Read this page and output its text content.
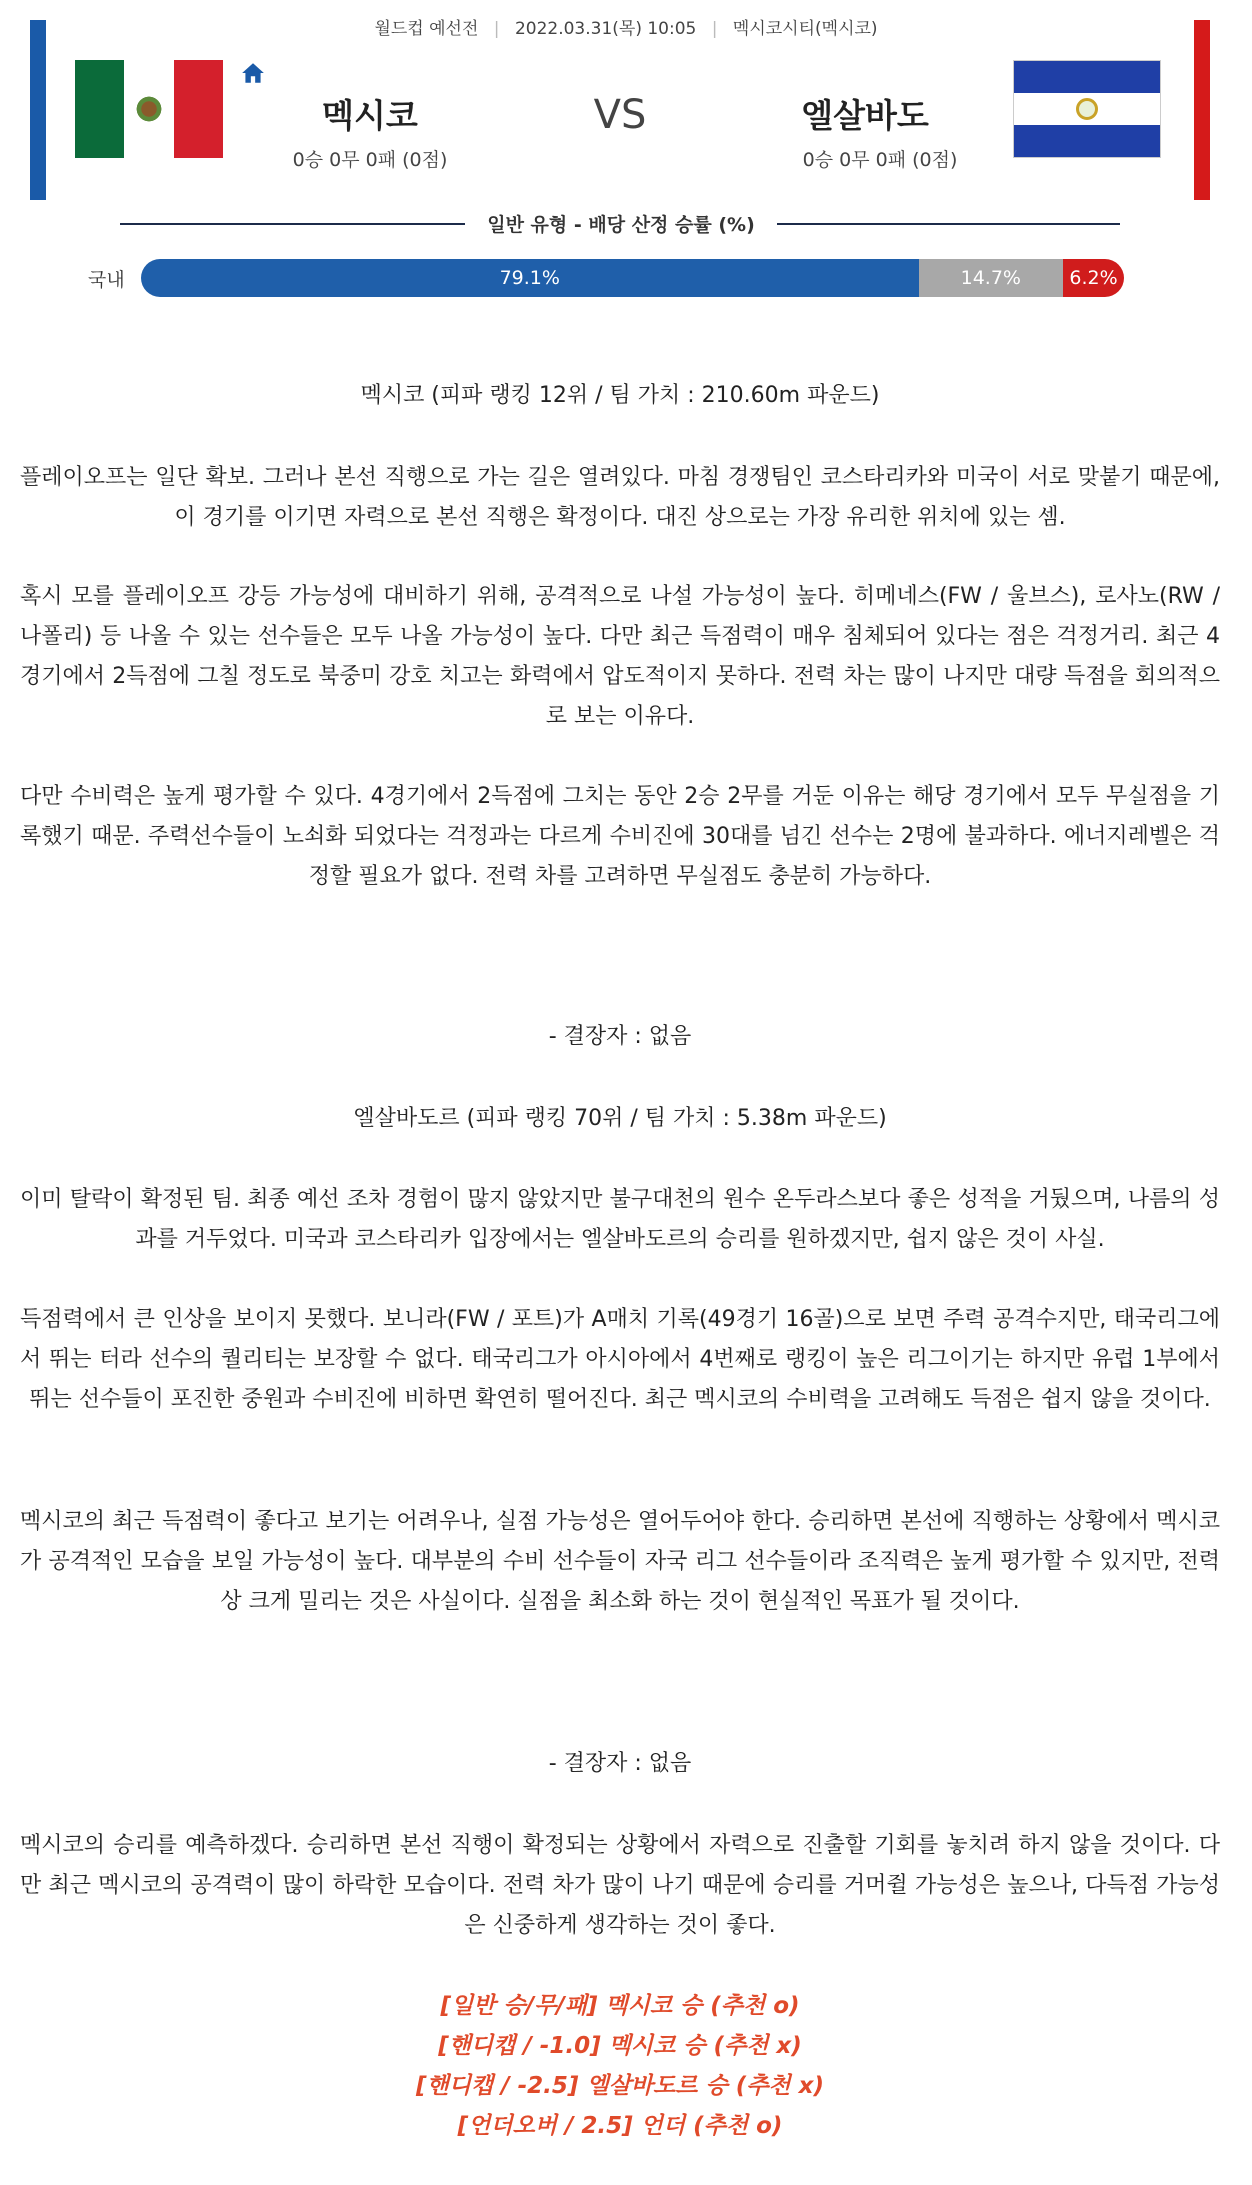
월드컵 예선전 | 2022.03.31(목) 10:05 | 멕시코시티(멕시코)
멕시코	VS	엘살바도
0승 0무 0패 (0점)	0승 0무 0패 (0점)
일반 유형 - 배당 산정 승률 (%)
국내	79.1%	14.7%	6.2%

멕시코 (피파 랭킹 12위 / 팀 가치 : 210.60m 파운드)

플레이오프는 일단 확보. 그러나 본선 직행으로 가는 길은 열려있다. 마침 경쟁팀인 코스타리카와 미국이 서로 맞붙기 때문에, 이 경기를 이기면 자력으로 본선 직행은 확정이다. 대진 상으로는 가장 유리한 위치에 있는 셈.

혹시 모를 플레이오프 강등 가능성에 대비하기 위해, 공격적으로 나설 가능성이 높다. 히메네스(FW / 울브스), 로사노(RW / 나폴리) 등 나올 수 있는 선수들은 모두 나올 가능성이 높다. 다만 최근 득점력이 매우 침체되어 있다는 점은 걱정거리. 최근 4경기에서 2득점에 그칠 정도로 북중미 강호 치고는 화력에서 압도적이지 못하다. 전력 차는 많이 나지만 대량 득점을 회의적으로 보는 이유다.

다만 수비력은 높게 평가할 수 있다. 4경기에서 2득점에 그치는 동안 2승 2무를 거둔 이유는 해당 경기에서 모두 무실점을 기록했기 때문. 주력선수들이 노쇠화 되었다는 걱정과는 다르게 수비진에 30대를 넘긴 선수는 2명에 불과하다. 에너지레벨은 걱정할 필요가 없다. 전력 차를 고려하면 무실점도 충분히 가능하다.

- 결장자 : 없음

엘살바도르 (피파 랭킹 70위 / 팀 가치 : 5.38m 파운드)

이미 탈락이 확정된 팀. 최종 예선 조차 경험이 많지 않았지만 불구대천의 원수 온두라스보다 좋은 성적을 거뒀으며, 나름의 성과를 거두었다. 미국과 코스타리카 입장에서는 엘살바도르의 승리를 원하겠지만, 쉽지 않은 것이 사실.

득점력에서 큰 인상을 보이지 못했다. 보니라(FW / 포트)가 A매치 기록(49경기 16골)으로 보면 주력 공격수지만, 태국리그에서 뛰는 터라 선수의 퀄리티는 보장할 수 없다. 태국리그가 아시아에서 4번째로 랭킹이 높은 리그이기는 하지만 유럽 1부에서 뛰는 선수들이 포진한 중원과 수비진에 비하면 확연히 떨어진다. 최근 멕시코의 수비력을 고려해도 득점은 쉽지 않을 것이다.

멕시코의 최근 득점력이 좋다고 보기는 어려우나, 실점 가능성은 열어두어야 한다. 승리하면 본선에 직행하는 상황에서 멕시코가 공격적인 모습을 보일 가능성이 높다. 대부분의 수비 선수들이 자국 리그 선수들이라 조직력은 높게 평가할 수 있지만, 전력 상 크게 밀리는 것은 사실이다. 실점을 최소화 하는 것이 현실적인 목표가 될 것이다.

- 결장자 : 없음

멕시코의 승리를 예측하겠다. 승리하면 본선 직행이 확정되는 상황에서 자력으로 진출할 기회를 놓치려 하지 않을 것이다. 다만 최근 멕시코의 공격력이 많이 하락한 모습이다. 전력 차가 많이 나기 때문에 승리를 거머쥘 가능성은 높으나, 다득점 가능성은 신중하게 생각하는 것이 좋다.

[일반 승/무/패] 멕시코 승 (추천 o)
[핸디캡 / -1.0] 멕시코 승 (추천 x)
[핸디캡 / -2.5] 엘살바도르 승 (추천 x)
[언더오버 / 2.5] 언더 (추천 o)
